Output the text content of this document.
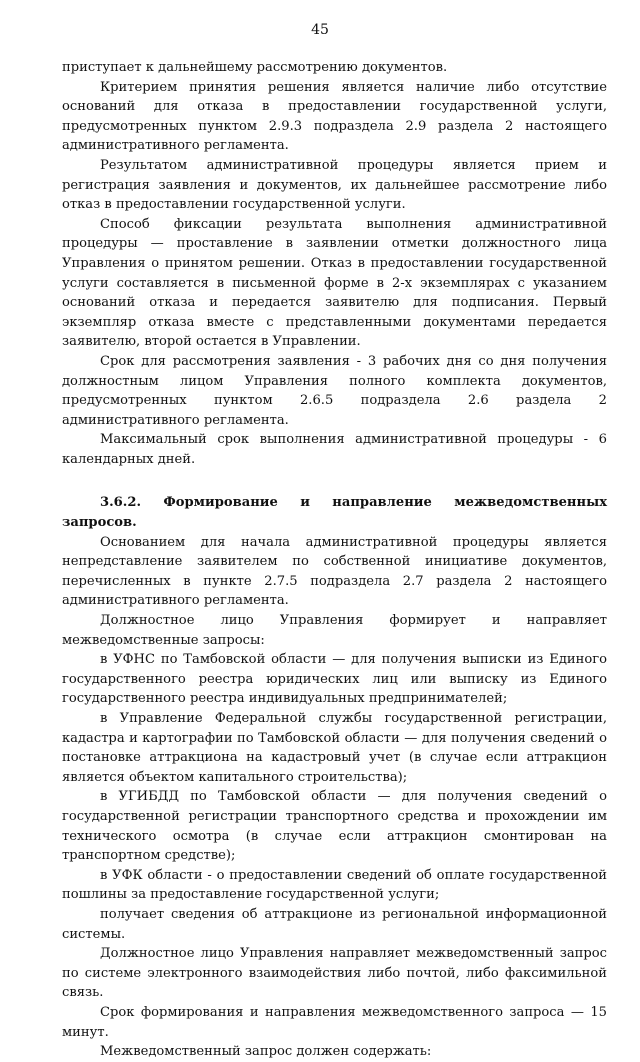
45

приступает к дальнейшему рассмотрению документов.

Критерием принятия решения является наличие либо отсутствие оснований для отказа в предоставлении государственной услуги, предусмотренных пунктом 2.9.3 подраздела 2.9 раздела 2 настоящего административного регламента.

Результатом административной процедуры является прием и регистрация заявления и документов, их дальнейшее рассмотрение либо отказ в предоставлении государственной услуги.

Способ фиксации результата выполнения административной процедуры — проставление в заявлении отметки должностного лица Управления о принятом решении. Отказ в предоставлении государственной услуги составляется в письменной форме в 2-х экземплярах с указанием оснований отказа и передается заявителю для подписания. Первый экземпляр отказа вместе с представленными документами передается заявителю, второй остается в Управлении.

Срок для рассмотрения заявления - 3 рабочих дня со дня получения должностным лицом Управления полного комплекта документов, предусмотренных пунктом 2.6.5 подраздела 2.6 раздела 2 административного регламента.

Максимальный срок выполнения административной процедуры - 6 календарных дней.

3.6.2. Формирование и направление межведомственных запросов.

Основанием для начала административной процедуры является непредставление заявителем по собственной инициативе документов, перечисленных в пункте 2.7.5 подраздела 2.7 раздела 2 настоящего административного регламента.

Должностное лицо Управления формирует и направляет межведомственные запросы:

в УФНС по Тамбовской области — для получения выписки из Единого государственного реестра юридических лиц или выписку из Единого государственного реестра индивидуальных предпринимателей;

в Управление Федеральной службы государственной регистрации, кадастра и картографии по Тамбовской области — для получения сведений о постановке аттракциона на кадастровый учет (в случае если аттракцион является объектом капитального строительства);

в УГИБДД по Тамбовской области — для получения сведений о государственной регистрации транспортного средства и прохождении им технического осмотра (в случае если аттракцион смонтирован на транспортном средстве);

в УФК области - о предоставлении сведений об оплате государственной пошлины за предоставление государственной услуги;

получает сведения об аттракционе из региональной информационной системы.

Должностное лицо Управления направляет межведомственный запрос по системе электронного взаимодействия либо почтой, либо факсимильной связь.

Срок формирования и направления межведомственного запроса — 15 минут.

Межведомственный запрос должен содержать:
